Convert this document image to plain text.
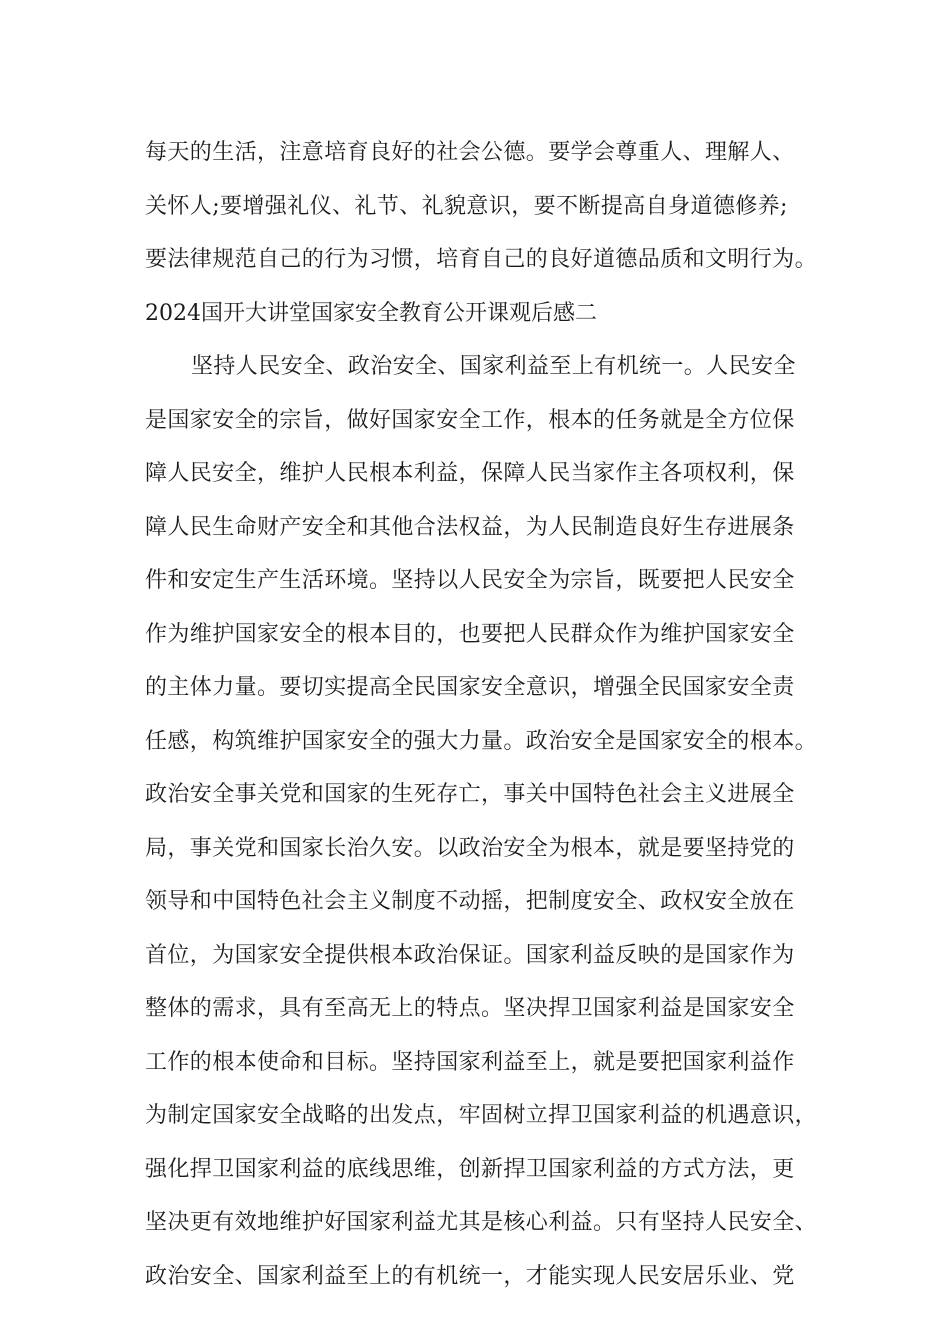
每天的生活，注意培育良好的社会公德。要学会尊重人、理解人、
关怀人;要增强礼仪、礼节、礼貌意识，要不断提高自身道德修养;
要法律规范自己的行为习惯，培育自己的良好道德品质和文明行为。
2024国开大讲堂国家安全教育公开课观后感二
坚持人民安全、政治安全、国家利益至上有机统一。人民安全
是国家安全的宗旨，做好国家安全工作，根本的任务就是全方位保
障人民安全，维护人民根本利益，保障人民当家作主各项权利，保
障人民生命财产安全和其他合法权益，为人民制造良好生存进展条
件和安定生产生活环境。坚持以人民安全为宗旨，既要把人民安全
作为维护国家安全的根本目的，也要把人民群众作为维护国家安全
的主体力量。要切实提高全民国家安全意识，增强全民国家安全责
任感，构筑维护国家安全的强大力量。政治安全是国家安全的根本。
政治安全事关党和国家的生死存亡，事关中国特色社会主义进展全
局，事关党和国家长治久安。以政治安全为根本，就是要坚持党的
领导和中国特色社会主义制度不动摇，把制度安全、政权安全放在
首位，为国家安全提供根本政治保证。国家利益反映的是国家作为
整体的需求，具有至高无上的特点。坚决捍卫国家利益是国家安全
工作的根本使命和目标。坚持国家利益至上，就是要把国家利益作
为制定国家安全战略的出发点，牢固树立捍卫国家利益的机遇意识，
强化捍卫国家利益的底线思维，创新捍卫国家利益的方式方法，更
坚决更有效地维护好国家利益尤其是核心利益。只有坚持人民安全、
政治安全、国家利益至上的有机统一，才能实现人民安居乐业、党
